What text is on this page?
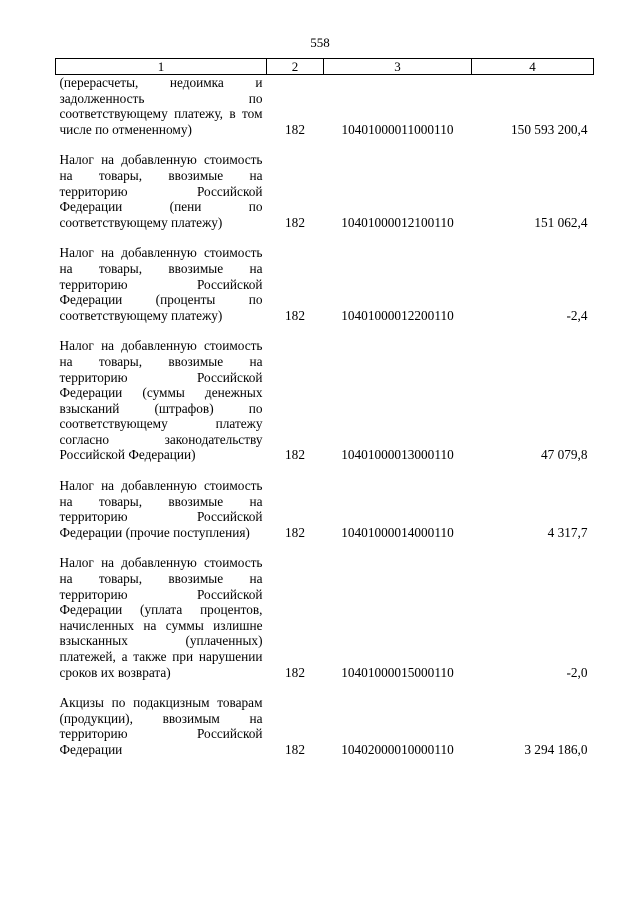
558
1	2	3	4

(перерасчеты, недоимка и задолженность по соответствующему платежу, в том числе по отмененному)	182	10401000011000110	150 593 200,4

Налог на добавленную стоимость на товары, ввозимые на территорию Российской Федерации (пени по соответствующему платежу)	182	10401000012100110	151 062,4

Налог на добавленную стоимость на товары, ввозимые на территорию Российской Федерации (проценты по соответствующему платежу)	182	10401000012200110	-2,4

Налог на добавленную стоимость на товары, ввозимые на территорию Российской Федерации (суммы денежных взысканий (штрафов) по соответствующему платежу согласно законодательству Российской Федерации)	182	10401000013000110	47 079,8

Налог на добавленную стоимость на товары, ввозимые на территорию Российской Федерации (прочие поступления)	182	10401000014000110	4 317,7

Налог на добавленную стоимость на товары, ввозимые на территорию Российской Федерации (уплата процентов, начисленных на суммы излишне взысканных (уплаченных) платежей, а также при нарушении сроков их возврата)	182	10401000015000110	-2,0

Акцизы по подакцизным товарам (продукции), ввозимым на территорию Российской Федерации	182	10402000010000110	3 294 186,0
